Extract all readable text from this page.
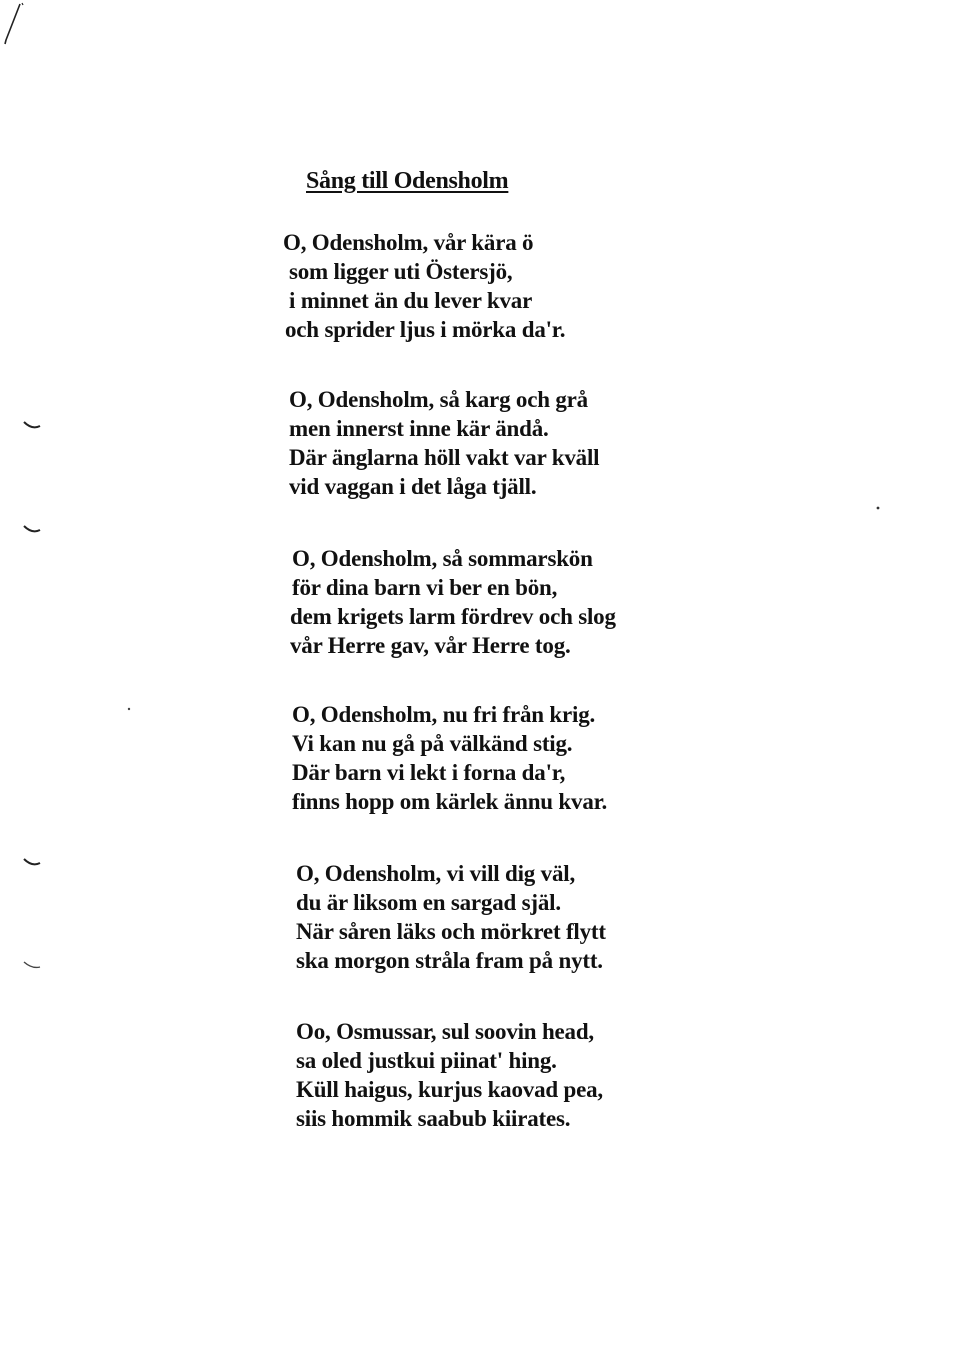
Sång till Odensholm
O, Odensholm, vår kära ö
som ligger uti Östersjö,
i minnet än du lever kvar
och sprider ljus i mörka da'r.
O, Odensholm, så karg och grå
men innerst inne kär ändå.
Där änglarna höll vakt var kväll
vid vaggan i det låga tjäll.
O, Odensholm, så sommarskön
för dina barn vi ber en bön,
dem krigets larm fördrev och slog
vår Herre gav, vår Herre tog.
O, Odensholm, nu fri från krig.
Vi kan nu gå på välkänd stig.
Där barn vi lekt i forna da'r,
finns hopp om kärlek ännu kvar.
O, Odensholm, vi vill dig väl,
du är liksom en sargad själ.
När såren läks och mörkret flytt
ska morgon stråla fram på nytt.
Oo, Osmussar, sul soovin head,
sa oled justkui piinat' hing.
Küll haigus, kurjus kaovad pea,
siis hommik saabub kiirates.
